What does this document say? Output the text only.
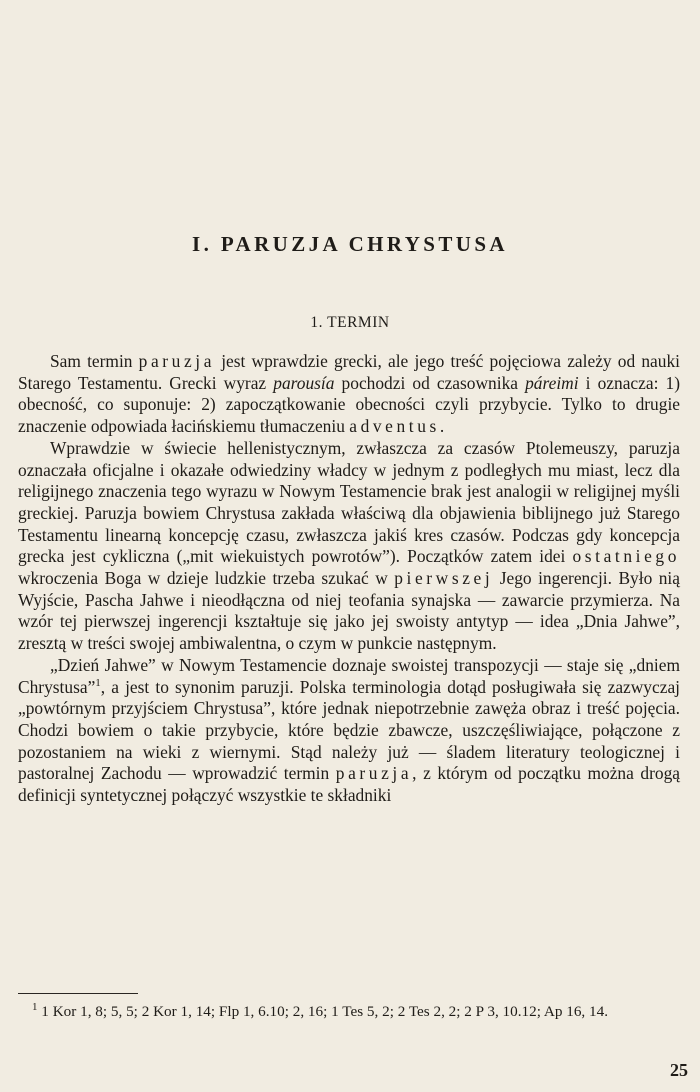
I. PARUZJA CHRYSTUSA
1. TERMIN

Sam termin paruzja jest wprawdzie grecki, ale jego treść pojęciowa zależy od nauki Starego Testamentu. Grecki wyraz parousía pochodzi od czasownika páreimi i oznacza: 1) obecność, co suponuje: 2) zapoczątkowanie obecności czyli przybycie. Tylko to drugie znaczenie odpowiada łacińskiemu tłumaczeniu adventus.

Wprawdzie w świecie hellenistycznym, zwłaszcza za czasów Ptolemeuszy, paruzja oznaczała oficjalne i okazałe odwiedziny władcy w jednym z podległych mu miast, lecz dla religijnego znaczenia tego wyrazu w Nowym Testamencie brak jest analogii w religijnej myśli greckiej. Paruzja bowiem Chrystusa zakłada właściwą dla objawienia biblijnego już Starego Testamentu linearną koncepcję czasu, zwłaszcza jakiś kres czasów. Podczas gdy koncepcja grecka jest cykliczna („mit wiekuistych powrotów”). Początków zatem idei ostatniego wkroczenia Boga w dzieje ludzkie trzeba szukać w pierwszej Jego ingerencji. Było nią Wyjście, Pascha Jahwe i nieodłączna od niej teofania synajska — zawarcie przymierza. Na wzór tej pierwszej ingerencji kształtuje się jako jej swoisty antytyp — idea „Dnia Jahwe”, zresztą w treści swojej ambiwalentna, o czym w punkcie następnym.

„Dzień Jahwe” w Nowym Testamencie doznaje swoistej transpozycji — staje się „dniem Chrystusa”$^1$, a jest to synonim paruzji. Polska terminologia dotąd posługiwała się zazwyczaj „powtórnym przyjściem Chrystusa”, które jednak niepotrzebnie zawęża obraz i treść pojęcia. Chodzi bowiem o takie przybycie, które będzie zbawcze, uszczęśliwiające, połączone z pozostaniem na wieki z wiernymi. Stąd należy już — śladem literatury teologicznej i pastoralnej Zachodu — wprowadzić termin paruzja, z którym od początku można drogą definicji syntetycznej połączyć wszystkie te składniki

$^1$ 1 Kor 1, 8; 5, 5; 2 Kor 1, 14; Flp 1, 6.10; 2, 16; 1 Tes 5, 2; 2 Tes 2, 2; 2 P 3, 10.12; Ap 16, 14.

25
